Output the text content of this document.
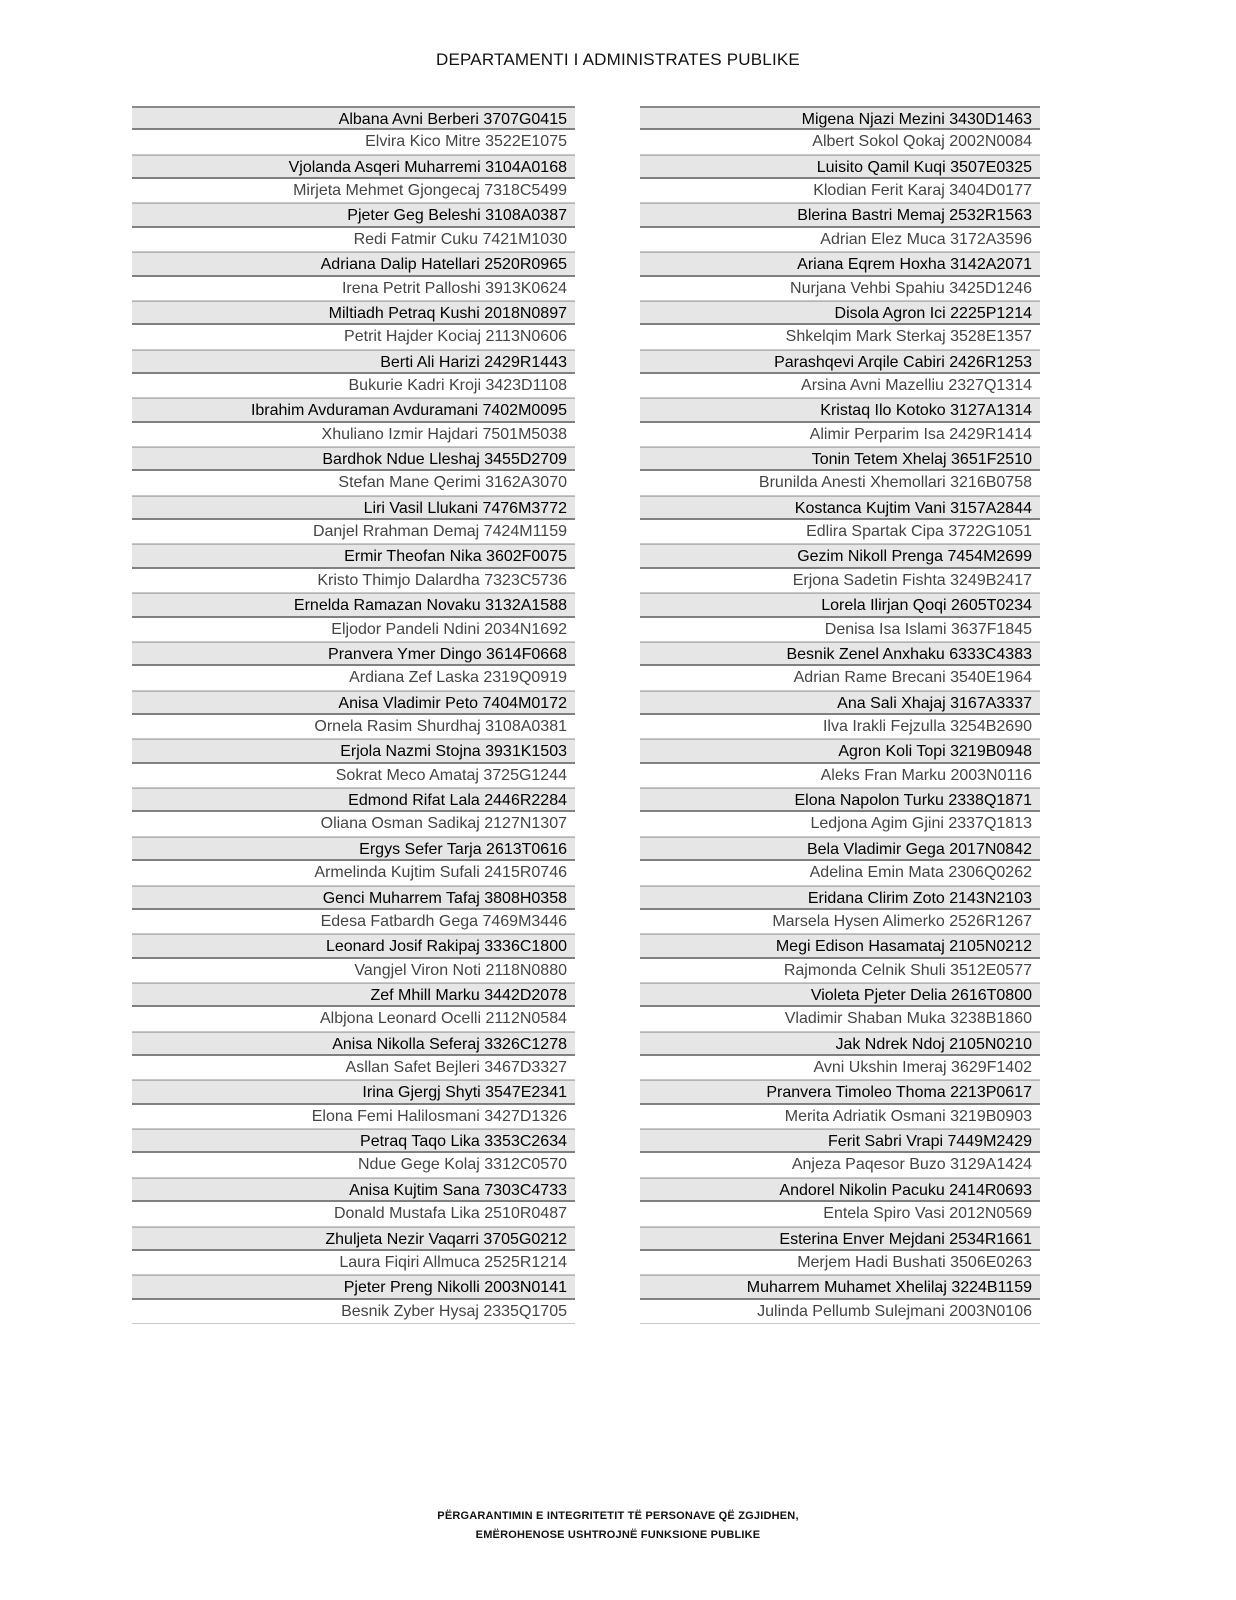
DEPARTAMENTI I ADMINISTRATES PUBLIKE
Albana Avni Berberi 3707G0415
Elvira Kico Mitre 3522E1075
Vjolanda Asqeri Muharremi 3104A0168
Mirjeta Mehmet Gjongecaj 7318C5499
Pjeter Geg Beleshi 3108A0387
Redi Fatmir Cuku 7421M1030
Adriana Dalip Hatellari 2520R0965
Irena Petrit Palloshi 3913K0624
Miltiadh Petraq Kushi 2018N0897
Petrit Hajder Kociaj 2113N0606
Berti Ali Harizi 2429R1443
Bukurie Kadri Kroji 3423D1108
Ibrahim Avduraman Avduramani 7402M0095
Xhuliano Izmir Hajdari 7501M5038
Bardhok Ndue Lleshaj 3455D2709
Stefan Mane Qerimi 3162A3070
Liri Vasil Llukani 7476M3772
Danjel Rrahman Demaj 7424M1159
Ermir Theofan Nika 3602F0075
Kristo Thimjo Dalardha 7323C5736
Ernelda Ramazan Novaku 3132A1588
Eljodor Pandeli Ndini 2034N1692
Pranvera Ymer Dingo 3614F0668
Ardiana Zef Laska 2319Q0919
Anisa Vladimir Peto 7404M0172
Ornela Rasim Shurdhaj 3108A0381
Erjola Nazmi Stojna 3931K1503
Sokrat Meco Amataj 3725G1244
Edmond Rifat Lala 2446R2284
Oliana Osman Sadikaj 2127N1307
Ergys Sefer Tarja 2613T0616
Armelinda Kujtim Sufali 2415R0746
Genci Muharrem Tafaj 3808H0358
Edesa Fatbardh Gega 7469M3446
Leonard Josif Rakipaj 3336C1800
Vangjel Viron Noti 2118N0880
Zef Mhill Marku 3442D2078
Albjona Leonard Ocelli 2112N0584
Anisa Nikolla Seferaj 3326C1278
Asllan Safet Bejleri 3467D3327
Irina Gjergj Shyti 3547E2341
Elona Femi Halilosmani 3427D1326
Petraq Taqo Lika 3353C2634
Ndue Gege Kolaj 3312C0570
Anisa Kujtim Sana 7303C4733
Donald Mustafa Lika 2510R0487
Zhuljeta Nezir Vaqarri 3705G0212
Laura Fiqiri Allmuca 2525R1214
Pjeter Preng Nikolli 2003N0141
Besnik Zyber Hysaj 2335Q1705
Migena Njazi Mezini 3430D1463
Albert Sokol Qokaj 2002N0084
Luisito Qamil Kuqi 3507E0325
Klodian Ferit Karaj 3404D0177
Blerina Bastri Memaj 2532R1563
Adrian Elez Muca 3172A3596
Ariana Eqrem Hoxha 3142A2071
Nurjana Vehbi Spahiu 3425D1246
Disola Agron Ici 2225P1214
Shkelqim Mark Sterkaj 3528E1357
Parashqevi Arqile Cabiri 2426R1253
Arsina Avni Mazelliu 2327Q1314
Kristaq Ilo Kotoko 3127A1314
Alimir Perparim Isa 2429R1414
Tonin Tetem Xhelaj 3651F2510
Brunilda Anesti Xhemollari 3216B0758
Kostanca Kujtim Vani 3157A2844
Edlira Spartak Cipa 3722G1051
Gezim Nikoll Prenga 7454M2699
Erjona Sadetin Fishta 3249B2417
Lorela Ilirjan Qoqi 2605T0234
Denisa Isa Islami 3637F1845
Besnik Zenel Anxhaku 6333C4383
Adrian Rame Brecani 3540E1964
Ana Sali Xhajaj 3167A3337
Ilva Irakli Fejzulla 3254B2690
Agron Koli Topi 3219B0948
Aleks Fran Marku 2003N0116
Elona Napolon Turku 2338Q1871
Ledjona Agim Gjini 2337Q1813
Bela Vladimir Gega 2017N0842
Adelina Emin Mata 2306Q0262
Eridana Clirim Zoto 2143N2103
Marsela Hysen Alimerko 2526R1267
Megi Edison Hasamataj 2105N0212
Rajmonda Celnik Shuli 3512E0577
Violeta Pjeter Delia 2616T0800
Vladimir Shaban Muka 3238B1860
Jak Ndrek Ndoj 2105N0210
Avni Ukshin Imeraj 3629F1402
Pranvera Timoleo Thoma 2213P0617
Merita Adriatik Osmani 3219B0903
Ferit Sabri Vrapi 7449M2429
Anjeza Paqesor Buzo 3129A1424
Andorel Nikolin Pacuku 2414R0693
Entela Spiro Vasi 2012N0569
Esterina Enver Mejdani 2534R1661
Merjem Hadi Bushati 3506E0263
Muharrem Muhamet Xhelilaj 3224B1159
Julinda Pellumb Sulejmani 2003N0106
PËRGARANTIMIN E INTEGRITETIT TË PERSONAVE QË ZGJIDHEN,
EMËROHENOSE USHTROJNË FUNKSIONE PUBLIKE
